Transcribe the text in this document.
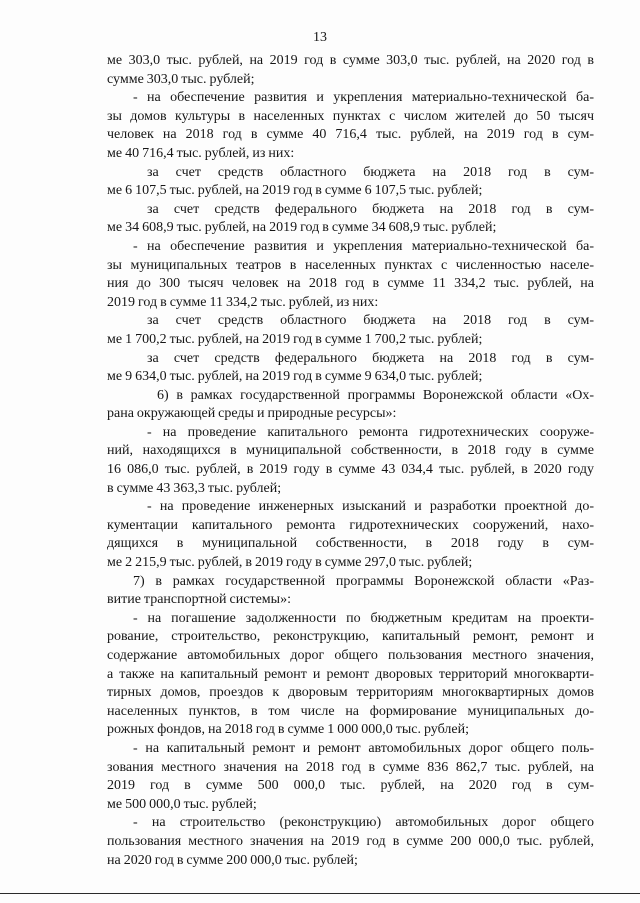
13

ме 303,0 тыс. рублей, на 2019 год в сумме 303,0 тыс. рублей, на 2020 год в

сумме 303,0 тыс. рублей;

- на обеспечение развития и укрепления материально-технической ба-

зы домов культуры в населенных пунктах с числом жителей до 50 тысяч

человек на 2018 год в сумме 40 716,4 тыс. рублей, на 2019 год в сум-

ме 40 716,4 тыс. рублей, из них:

за счет средств областного бюджета на 2018 год в сум-

ме 6 107,5 тыс. рублей, на 2019 год в сумме 6 107,5 тыс. рублей;

за счет средств федерального бюджета на 2018 год в сум-

ме 34 608,9 тыс. рублей, на 2019 год в сумме 34 608,9 тыс. рублей;

- на обеспечение развития и укрепления материально-технической ба-

зы муниципальных театров в населенных пунктах с численностью населе-

ния до 300 тысяч человек на 2018 год в сумме 11 334,2 тыс. рублей, на

2019 год в сумме 11 334,2 тыс. рублей, из них:

за счет средств областного бюджета на 2018 год в сум-

ме 1 700,2 тыс. рублей, на 2019 год в сумме 1 700,2 тыс. рублей;

за счет средств федерального бюджета на 2018 год в сум-

ме 9 634,0 тыс. рублей, на 2019 год в сумме 9 634,0 тыс. рублей;

6) в рамках государственной программы Воронежской области «Ох-

рана окружающей среды и природные ресурсы»:

- на проведение капитального ремонта гидротехнических сооруже-

ний, находящихся в муниципальной собственности, в 2018 году в сумме

16 086,0 тыс. рублей, в 2019 году в сумме 43 034,4 тыс. рублей, в 2020 году

в сумме 43 363,3 тыс. рублей;

- на проведение инженерных изысканий и разработки проектной до-

кументации капитального ремонта гидротехнических сооружений, нахо-

дящихся в муниципальной собственности, в 2018 году в сум-

ме 2 215,9 тыс. рублей, в 2019 году в сумме 297,0 тыс. рублей;

7) в рамках государственной программы Воронежской области «Раз-

витие транспортной системы»:

- на погашение задолженности по бюджетным кредитам на проекти-

рование, строительство, реконструкцию, капитальный ремонт, ремонт и

содержание автомобильных дорог общего пользования местного значения,

а также на капитальный ремонт и ремонт дворовых территорий многокварти-

тирных домов, проездов к дворовым территориям многоквартирных домов

населенных пунктов, в том числе на формирование муниципальных до-

рожных фондов, на 2018 год в сумме 1 000 000,0 тыс. рублей;

- на капитальный ремонт и ремонт автомобильных дорог общего поль-

зования местного значения на 2018 год в сумме 836 862,7 тыс. рублей, на

2019 год в сумме 500 000,0 тыс. рублей, на 2020 год в сум-

ме 500 000,0 тыс. рублей;

- на строительство (реконструкцию) автомобильных дорог общего

пользования местного значения на 2019 год в сумме 200 000,0 тыс. рублей,

на 2020 год в сумме 200 000,0 тыс. рублей;
